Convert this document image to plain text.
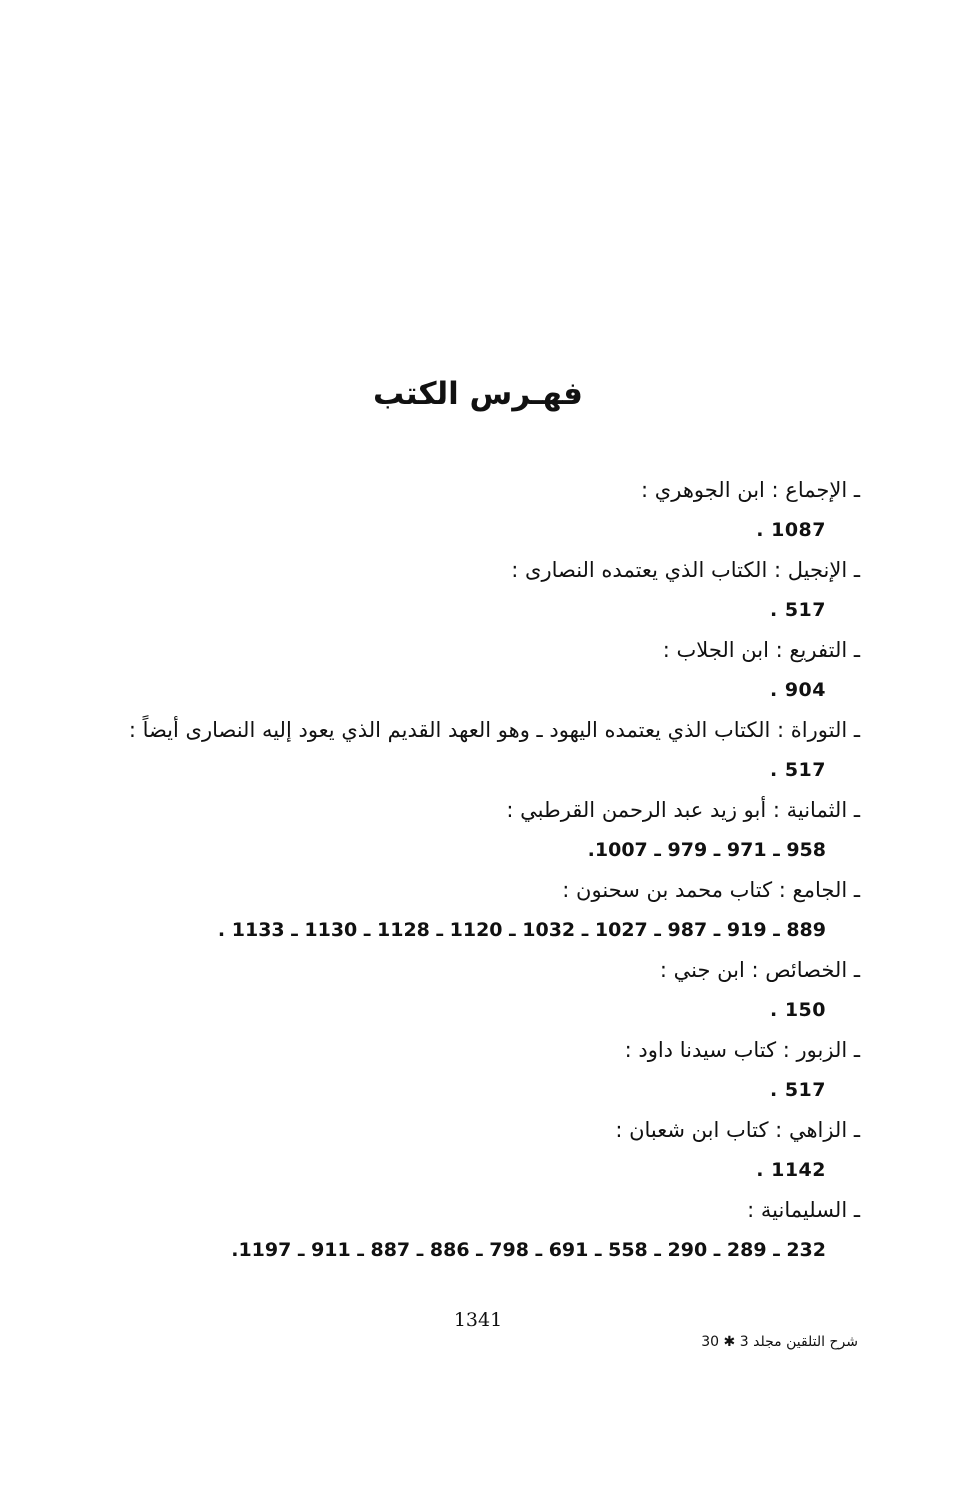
فهـرس الكتب
ـ الإجماع : ابن الجوهري :
1087 .
ـ الإنجيل : الكتاب الذي يعتمده النصارى :
517 .
ـ التفريع : ابن الجلاب :
904 .
ـ التوراة : الكتاب الذي يعتمده اليهود ـ وهو العهد القديم الذي يعود إليه النصارى أيضاً :
517 .
ـ الثمانية : أبو زيد عبد الرحمن القرطبي :
958 ـ 971 ـ 979 ـ 1007.
ـ الجامع : كتاب محمد بن سحنون :
889 ـ 919 ـ 987 ـ 1027 ـ 1032 ـ 1120 ـ 1128 ـ 1130 ـ 1133 .
ـ الخصائص : ابن جني :
150 .
ـ الزبور : كتاب سيدنا داود :
517 .
ـ الزاهي : كتاب ابن شعبان :
1142 .
ـ السليمانية :
232 ـ 289 ـ 290 ـ 558 ـ 691 ـ 798 ـ 886 ـ 887 ـ 911 ـ 1197.
1341
شرح التلقين مجلد 3 ✱ 30
